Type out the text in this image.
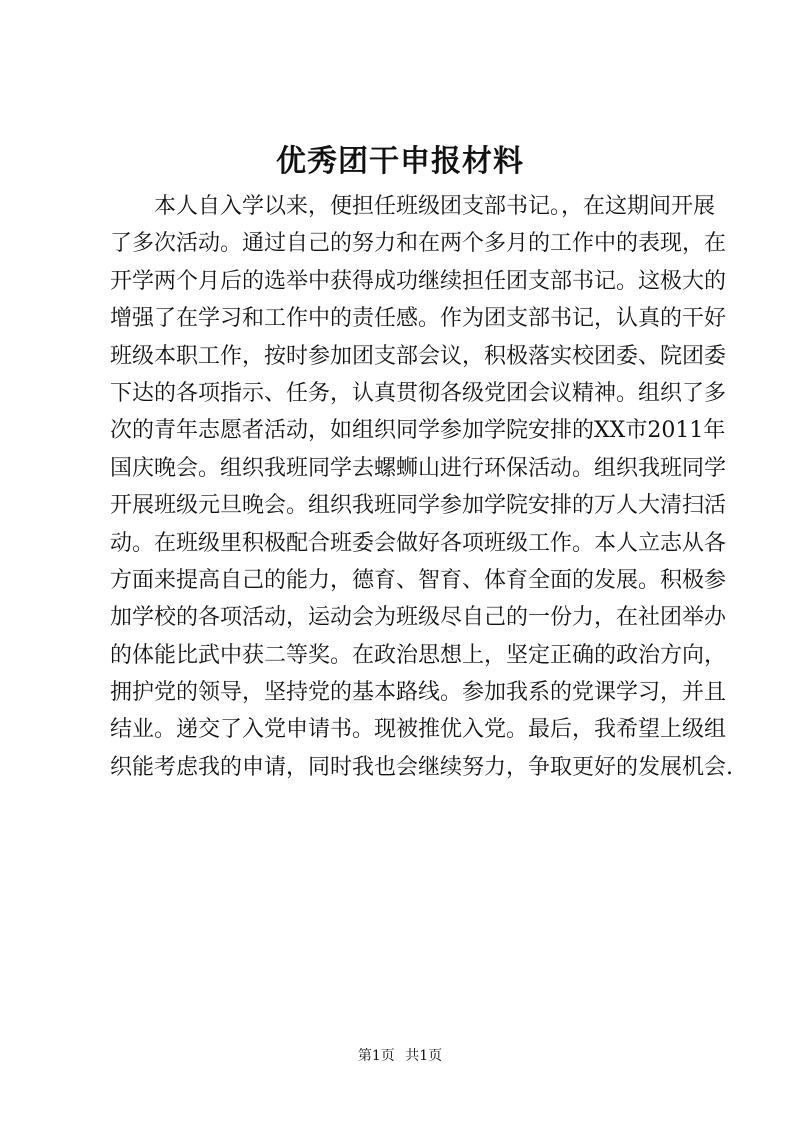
优秀团干申报材料
　　本人自入学以来，便担任班级团支部书记。，在这期间开展
了多次活动。通过自己的努力和在两个多月的工作中的表现，在
开学两个月后的选举中获得成功继续担任团支部书记。这极大的
增强了在学习和工作中的责任感。作为团支部书记，认真的干好
班级本职工作，按时参加团支部会议，积极落实校团委、院团委
下达的各项指示、任务，认真贯彻各级党团会议精神。组织了多
次的青年志愿者活动，如组织同学参加学院安排的XX市2011年
国庆晚会。组织我班同学去螺蛳山进行环保活动。组织我班同学
开展班级元旦晚会。组织我班同学参加学院安排的万人大清扫活
动。在班级里积极配合班委会做好各项班级工作。本人立志从各
方面来提高自己的能力，德育、智育、体育全面的发展。积极参
加学校的各项活动，运动会为班级尽自己的一份力，在社团举办
的体能比武中获二等奖。在政治思想上，坚定正确的政治方向，
拥护党的领导，坚持党的基本路线。参加我系的党课学习，并且
结业。递交了入党申请书。现被推优入党。最后，我希望上级组
织能考虑我的申请，同时我也会继续努力，争取更好的发展机会.
第1页 共1页
